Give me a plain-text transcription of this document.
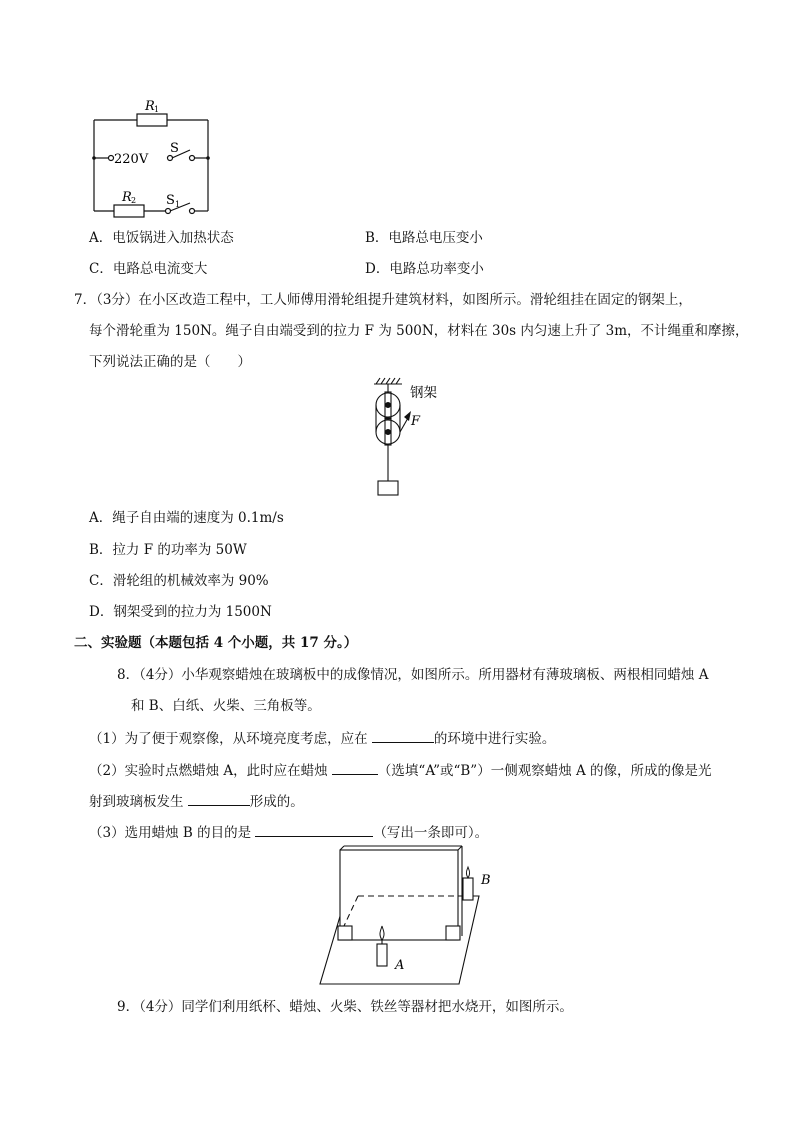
R 1
220V
S
R 2 S 1
A．电饭锅进入加热状态	B．电路总电压变小
C．电路总电流变大	D．电路总功率变小
7．（3分）在小区改造工程中，工人师傅用滑轮组提升建筑材料，如图所示。滑轮组挂在固定的钢架上，
每个滑轮重为 150N。绳子自由端受到的拉力 F 为 500N，材料在 30s 内匀速上升了 3m，不计绳重和摩擦，
下列说法正确的是（　　）
钢架
F
A．绳子自由端的速度为 0.1m/s
B．拉力 F 的功率为 50W
C．滑轮组的机械效率为 90%
D．钢架受到的拉力为 1500N
二、实验题（本题包括 4 个小题，共 17 分。）
8．（4分）小华观察蜡烛在玻璃板中的成像情况，如图所示。所用器材有薄玻璃板、两根相同蜡烛 A
和 B、白纸、火柴、三角板等。
（1）为了便于观察像，从环境亮度考虑，应在	的环境中进行实验。
（2）实验时点燃蜡烛 A，此时应在蜡烛	（选填“A”或“B”）一侧观察蜡烛 A 的像，所成的像是光
射到玻璃板发生	形成的。
（3）选用蜡烛 B 的目的是	（写出一条即可）。
A
B
9．（4分）同学们利用纸杯、蜡烛、火柴、铁丝等器材把水烧开，如图所示。
